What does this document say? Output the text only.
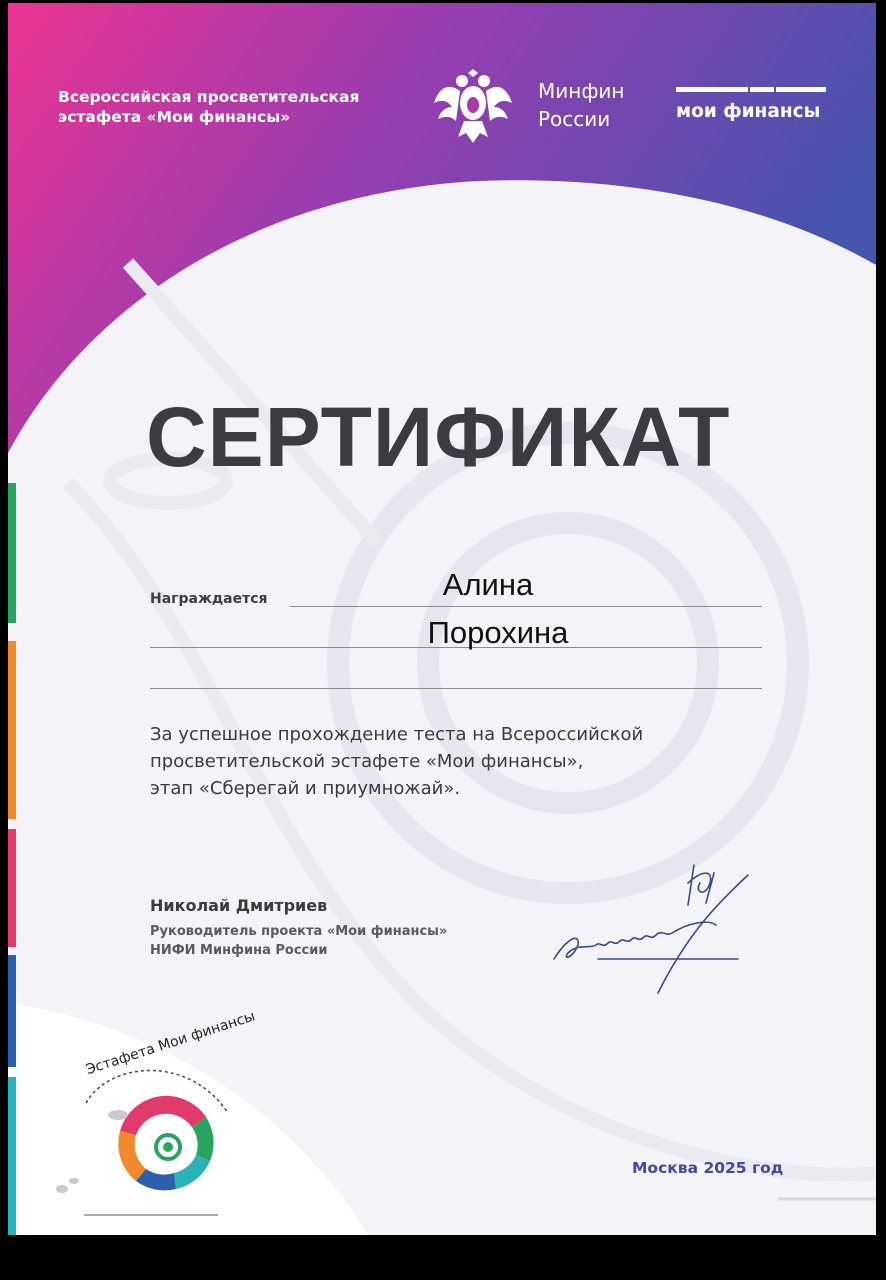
Всероссийская просветительская
эстафета «Мои финансы»
Минфин
России	мои финансы
СЕРТИФИКАТ
Награждается	Алина
Порохина
За успешное прохождение теста на Всероссийской
просветительской эстафете «Мои финансы»,
этап «Сберегай и приумножай».
Николай Дмитриев
Руководитель проекта «Мои финансы»
НИФИ Минфина России
Москва 2025 год
Эстафета Мои финансы
